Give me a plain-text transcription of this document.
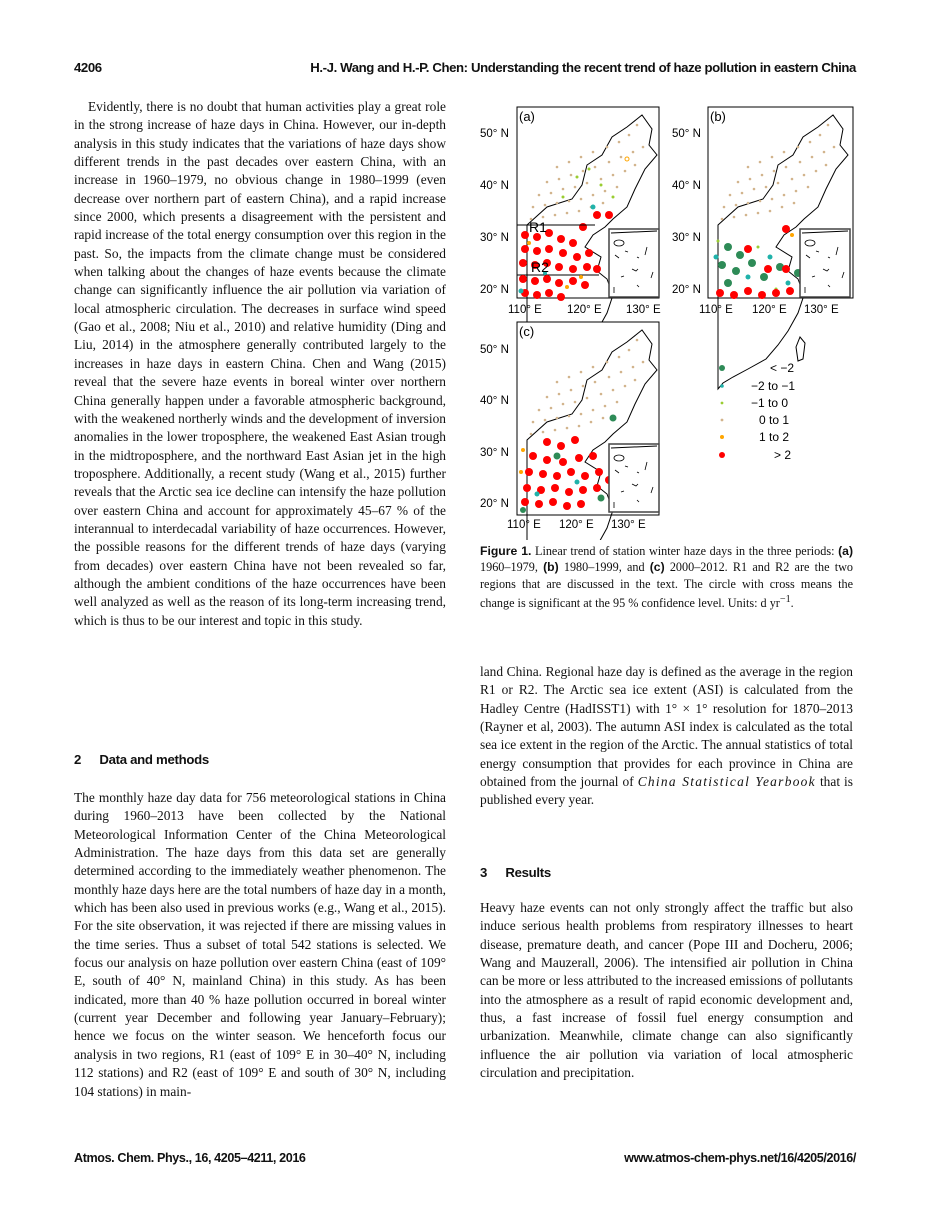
4206	H.-J. Wang and H.-P. Chen: Understanding the recent trend of haze pollution in eastern China

Evidently, there is no doubt that human activities play a great role in the strong increase of haze days in China. However, our in-depth analysis in this study indicates that the variations of haze days show different trends in the past decades over eastern China, with an increase in 1960–1979, no obvious change in 1980–1999 (even decrease over northern part of eastern China), and a rapid increase since 2000, which presents a disagreement with the persistent and rapid increase of the total energy consumption over this region in the past. So, the impacts from the climate change must be considered when talking about the changes of haze events because the climate change can significantly influence the air pollution via variation of local atmospheric circulation. The decreases in surface wind speed (Gao et al., 2008; Niu et al., 2010) and relative humidity (Ding and Liu, 2014) in the atmosphere generally contributed largely to the increases in haze days in eastern China. Chen and Wang (2015) reveal that the severe haze events in boreal winter over northern China generally happen under a favorable atmospheric background, with the weakened northerly winds and the development of inversion anomalies in the lower troposphere, the weakened East Asian trough in the midtroposphere, and the northward East Asian jet in the high troposphere. Additionally, a recent study (Wang et al., 2015) further reveals that the Arctic sea ice decline can intensify the haze pollution over eastern China and account for approximately 45–67 % of the interannual to interdecadal variability of haze occurrences. However, the possible reasons for the different trends of haze days (varying from decades) over eastern China have not been revealed so far, although the ambient conditions of the haze occurrences have been well analyzed as well as the reason of its long-term increasing trend, which is thus to be our interest and topic in this study.

2 Data and methods

The monthly haze day data for 756 meteorological stations in China during 1960–2013 have been collected by the National Meteorological Information Center of the China Meteorological Administration. The haze days from this data set are generally determined according to the immediately weather phenomenon. The monthly haze days here are the total numbers of haze day in a month, which has been also used in previous works (e.g., Wang et al., 2015). For the site observation, it was rejected if there are missing values in the time series. Thus a subset of total 542 stations is selected. We focus our analysis on haze pollution over eastern China (east of 109° E, south of 40° N, mainland China) in this study. As has been indicated, more than 40 % haze pollution occurred in boreal winter (current year December and following year January–February); hence we focus on the winter season. We henceforth focus our analysis in two regions, R1 (east of 109° E in 30–40° N, including 112 stations) and R2 (east of 109° E and south of 30° N, including 104 stations) in main-

(a)
R1
R2
50° N
40° N
30° N
20° N
110° E 120° E 130° E
(b)
50° N
40° N
30° N
20° N
110° E 120° E 130° E
(c)
50° N
40° N
30° N
20° N
110° E 120° E 130° E
< −2
−2 to −1
−1 to 0
0 to 1
1 to 2
> 2
Figure 1. Linear trend of station winter haze days in the three periods: (a) 1960–1979, (b) 1980–1999, and (c) 2000–2012. R1 and R2 are the two regions that are discussed in the text. The circle with cross means the change is significant at the 95 % confidence level. Units: d $yr^{-1}$.

land China. Regional haze day is defined as the average in the region R1 or R2. The Arctic sea ice extent (ASI) is calculated from the Hadley Centre (HadISST1) with 1° × 1° resolution for 1870–2013 (Rayner et al, 2003). The autumn ASI index is calculated as the total sea ice extent in the region of the Arctic. The annual statistics of total energy consumption that provides for each province in China are obtained from the journal of China Statistical Yearbook that is published every year.

3 Results

Heavy haze events can not only strongly affect the traffic but also induce serious health problems from respiratory illnesses to heart disease, premature death, and cancer (Pope III and Docheru, 2006; Wang and Mauzerall, 2006). The intensified air pollution in China can be more or less attributed to the increased emissions of pollutants into the atmosphere as a result of rapid economic development and, thus, a fast increase of fossil fuel energy consumption and urbanization. Meanwhile, climate change can also significantly influence the air pollution via variation of local atmospheric circulation and precipitation.

Atmos. Chem. Phys., 16, 4205–4211, 2016	www.atmos-chem-phys.net/16/4205/2016/
